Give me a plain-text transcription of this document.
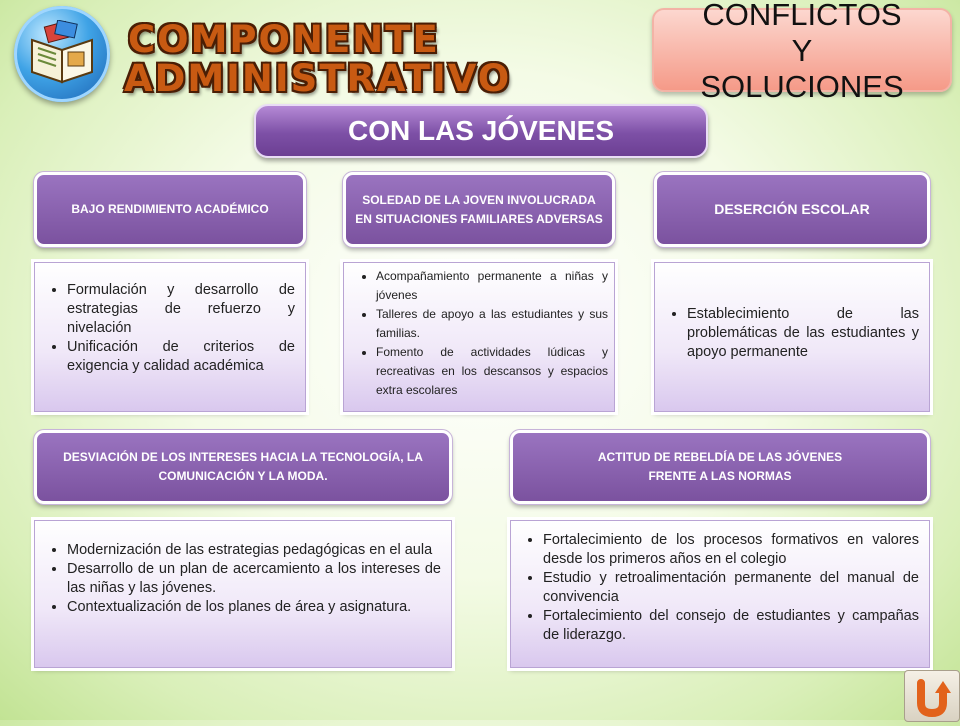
COMPONENTE
ADMINISTRATIVO
CONFLICTOS
Y
SOLUCIONES
CON LAS JÓVENES
BAJO RENDIMIENTO ACADÉMICO
SOLEDAD DE LA JOVEN INVOLUCRADA EN SITUACIONES FAMILIARES ADVERSAS
DESERCIÓN ESCOLAR
• Formulación y desarrollo de estrategias de refuerzo y nivelación
• Unificación de criterios de exigencia y calidad académica
• Acompañamiento permanente a niñas y jóvenes
• Talleres de apoyo a las estudiantes y sus familias.
• Fomento de actividades lúdicas y recreativas en los descansos y espacios extra escolares
• Establecimiento de las problemáticas de las estudiantes y apoyo permanente
DESVIACIÓN DE LOS INTERESES HACIA LA TECNOLOGÍA, LA COMUNICACIÓN Y LA MODA.
ACTITUD DE REBELDÍA DE LAS JÓVENES
FRENTE A LAS NORMAS
• Modernización de las estrategias pedagógicas en el aula
• Desarrollo de un plan de acercamiento a los intereses de las niñas y las jóvenes.
• Contextualización de los planes de área y asignatura.
• Fortalecimiento de los procesos formativos en valores desde los primeros años en el colegio
• Estudio y retroalimentación permanente del manual de convivencia
• Fortalecimiento del consejo de estudiantes y campañas de liderazgo.
